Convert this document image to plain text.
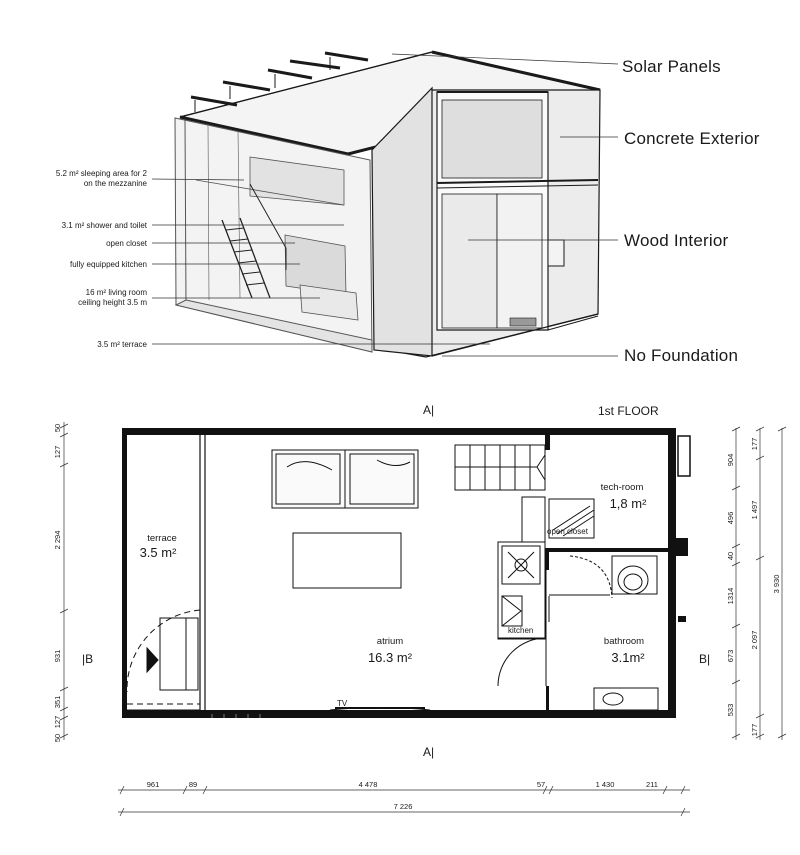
5.2 m² sleeping area for 2
on the mezzanine
3.1 m² shower and toilet
open closet
fully equipped kitchen
16 m² living room
ceiling height 3.5 m
3.5 m² terrace
Solar Panels
Concrete Exterior
Wood Interior
No Foundation
1st FLOOR
A|
A|
|B	B|
terrace
3.5 m²
atrium
16.3 m²
tech-room
1,8 m²
bathroom
3.1m²
kitchen
open closet
TV
50
127
2 294
931
351
127
50
904
496
40
1314
673
533
177
1 497
2 097
177
3 930
961	89	4 478	57	1 430	211
7 226
